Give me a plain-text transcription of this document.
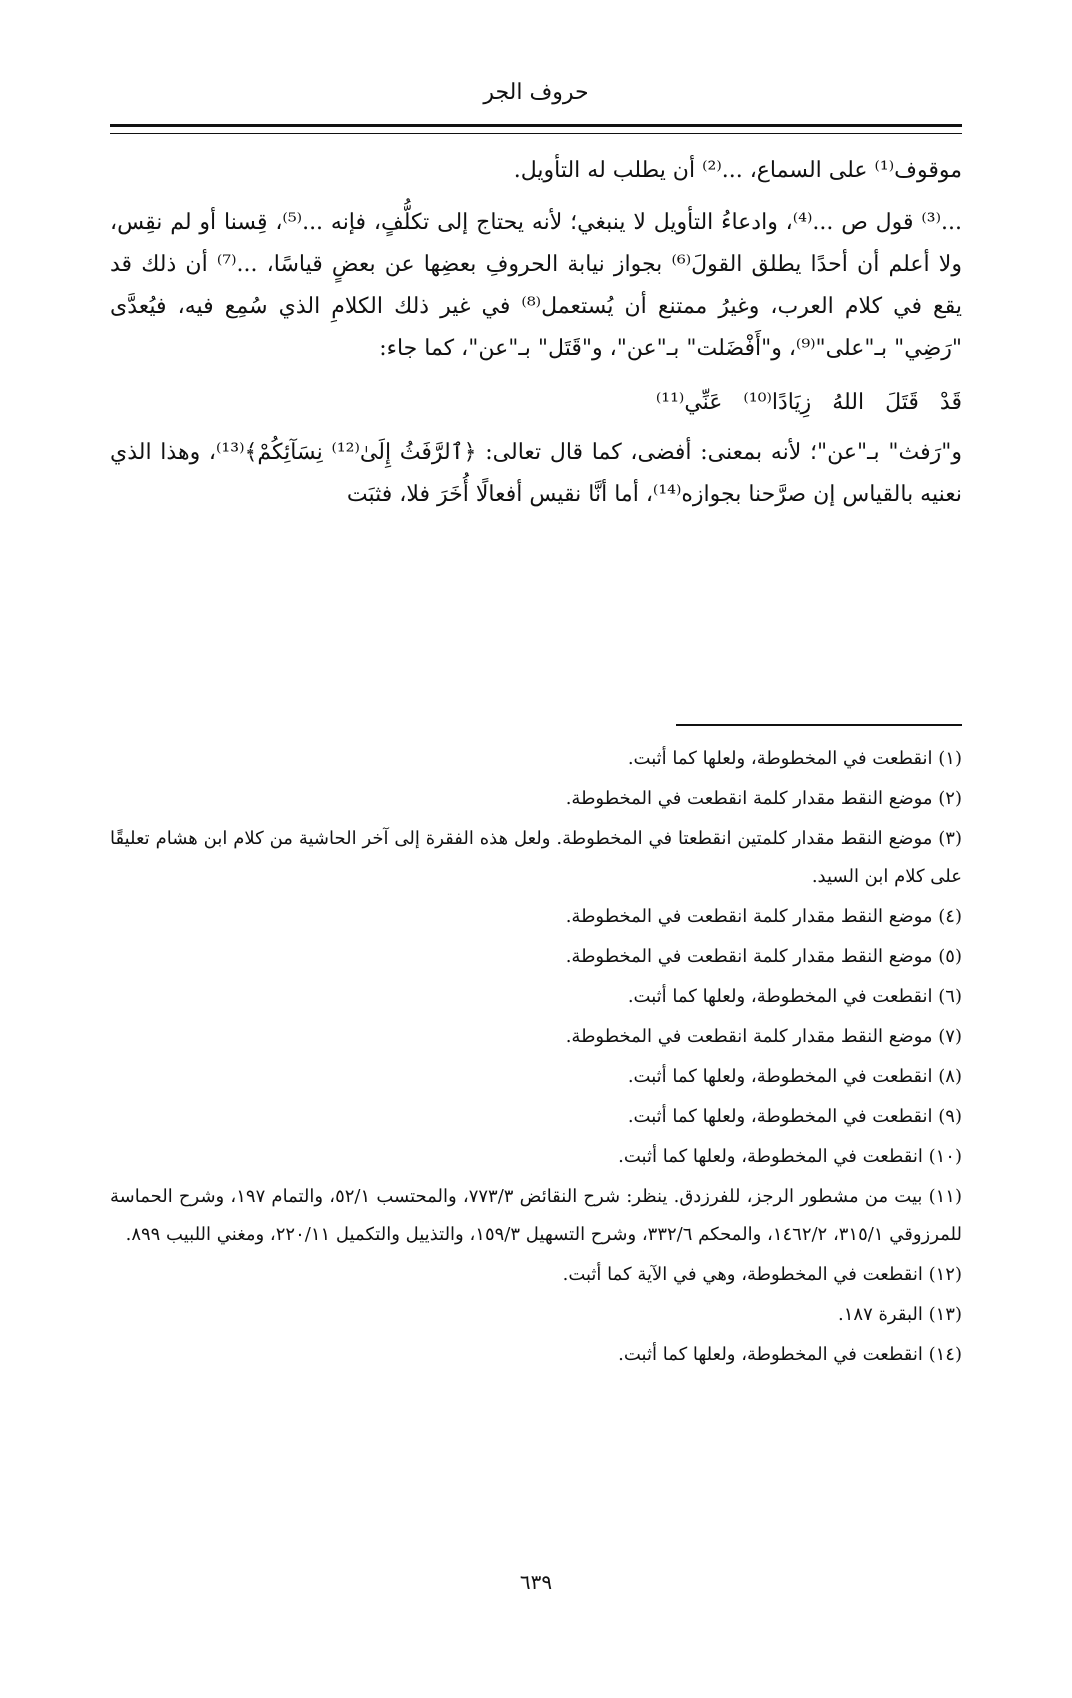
حروف الجر

موقوف⁽¹⁾ على السماع، ...⁽²⁾ أن يطلب له التأويل.

...⁽³⁾ قول ص ...⁽⁴⁾، وادعاءُ التأويل لا ينبغي؛ لأنه يحتاج إلى تكلُّفٍ، فإنه ...⁽⁵⁾، قِسنا أو لم نقِس، ولا أعلم أن أحدًا يطلق القولَ⁽⁶⁾ بجواز نيابة الحروفِ بعضِها عن بعضٍ قياسًا، ...⁽⁷⁾ أن ذلك قد يقع في كلام العرب، وغيرُ ممتنع أن يُستعمل⁽⁸⁾ في غير ذلك الكلامِ الذي سُمِع فيه، فيُعدَّى "رَضِي" بـ"على"⁽⁹⁾، و"أَفْضَلت" بـ"عن"، و"قَتَل" بـ"عن"، كما جاء:

قَدْ قَتَلَ اللهُ زِيَادًا⁽¹⁰⁾ عَنِّي⁽¹¹⁾

و"رَفث" بـ"عن"؛ لأنه بمعنى: أفضى، كما قال تعالى: ﴿ٱلرَّفَثُ إِلَىٰ⁽¹²⁾ نِسَآئِكُمْ﴾⁽¹³⁾، وهذا الذي نعنيه بالقياس إن صرَّحنا بجوازه⁽¹⁴⁾، أما أنَّا نقيس أفعالًا أُخَرَ فلا، فثبَت

(١) انقطعت في المخطوطة، ولعلها كما أثبت.
(٢) موضع النقط مقدار كلمة انقطعت في المخطوطة.
(٣) موضع النقط مقدار كلمتين انقطعتا في المخطوطة. ولعل هذه الفقرة إلى آخر الحاشية من كلام ابن هشام تعليقًا على كلام ابن السيد.
(٤) موضع النقط مقدار كلمة انقطعت في المخطوطة.
(٥) موضع النقط مقدار كلمة انقطعت في المخطوطة.
(٦) انقطعت في المخطوطة، ولعلها كما أثبت.
(٧) موضع النقط مقدار كلمة انقطعت في المخطوطة.
(٨) انقطعت في المخطوطة، ولعلها كما أثبت.
(٩) انقطعت في المخطوطة، ولعلها كما أثبت.
(١٠) انقطعت في المخطوطة، ولعلها كما أثبت.
(١١) بيت من مشطور الرجز، للفرزدق. ينظر: شرح النقائض ٧٧٣/٣، والمحتسب ٥٢/١، والتمام ١٩٧، وشرح الحماسة للمرزوقي ٣١٥/١، ١٤٦٢/٢، والمحكم ٣٣٢/٦، وشرح التسهيل ١٥٩/٣، والتذييل والتكميل ٢٢٠/١١، ومغني اللبيب ٨٩٩.
(١٢) انقطعت في المخطوطة، وهي في الآية كما أثبت.
(١٣) البقرة ١٨٧.
(١٤) انقطعت في المخطوطة، ولعلها كما أثبت.
٦٣٩
